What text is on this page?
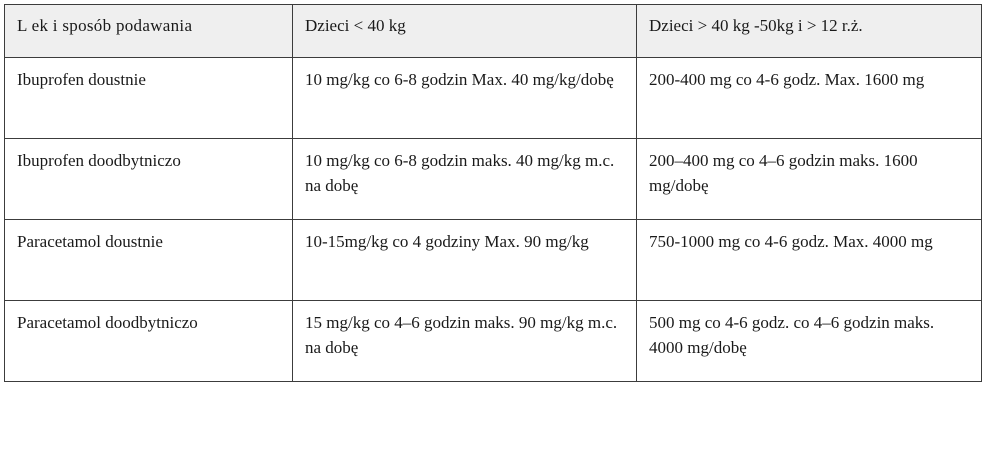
L ek i sposób podawania	Dzieci < 40 kg	Dzieci > 40 kg -50kg i > 12 r.ż.
Ibuprofen doustnie	10 mg/kg co 6-8 godzin Max. 40 mg/kg/dobę	200-400 mg co 4-6 godz. Max. 1600 mg
Ibuprofen doodbytniczo	10 mg/kg co 6-8 godzin maks. 40 mg/kg m.c. na dobę	200–400 mg co 4–6 godzin maks. 1600 mg/dobę
Paracetamol doustnie	10-15mg/kg co 4 godziny Max. 90 mg/kg	750-1000 mg co 4-6 godz. Max. 4000 mg
Paracetamol doodbytniczo	15 mg/kg co 4–6 godzin maks. 90 mg/kg m.c. na dobę	500 mg co 4-6 godz. co 4–6 godzin maks. 4000 mg/dobę
